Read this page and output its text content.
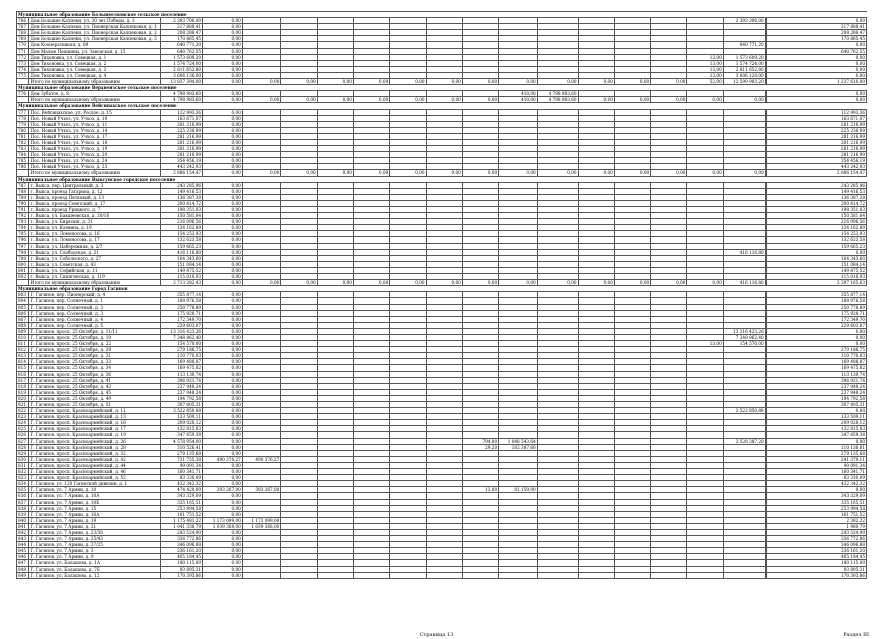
Муниципальное образование Большеелховское сельское поселение																		
766	Дом Большие Калпеки, ул. 30 лет Победы, д. 3	2 393 706,00	0,00														2 393 306,00		0,00
767	Дом Большие Калпеки, ул. Пионерская Калпековая, д. 1	217 888,41	0,00																217 888,41
768	Дом Большие Калпеки, ул. Пионерская Калпековая, д. 2	208 286,47	0,00																208 286,47
769	Дом Большие Калпеки, ул. Пионерская Калпековая, д. 3	170 865,45	0,00																170 865,45
770	Дом Кооперативная, д. 89	640 771,20	0,00														640 771,20		0,00
771	Дом Малые Пешкины, ул. Заводская, д. 15	640 762,55	0,00																640 762,55
772	Дом Тихоновка, ул. Совецкая, д. 1	1 573 609,20	0,00													13,00	1 573 609,20		0,00
773	Дом Тихоновка, ул. Совецкая, д. 2	1 574 724,00	0,00													13,00	1 574 724,00		0,00
774	Дом Тихоновка, ул. Совецкая, д. 3	2 811 652,80	0,00													13,00	2 811 652,80		0,00
775	Дом Тихоновка, ул. Совецкая, д. 4	3 606 136,00	0,00													13,00	3 606 128,00		0,00
	Итого по муниципальному образованию	13 837 394,00	0,00	0,00	0,00	0,00	0,00	0,00	0,00	0,00	0,00	0,00	0,00	0,00	0,00	52,00	12 599 983,20		1 237 610,00
Муниципальное образование Верхнеизское сельское поселение																		
776	Дом Зубатое, д. 8	4 798 983,60	0,00								410,00	4 798 983,60							0,00
	Итого по муниципальному образованию	4 798 983,60	0,00	0,00	0,00	0,00	0,00	0,00	0,00	0,00	410,00	4 798 983,60	0,00	0,00	0,00	0,00	0,00		0,00
Муниципальное образование Вейсинахское сельское поселение																		
777	Пос. Вейсинахское, ул. Рослое, д. 15	112 993,36	0,00																112 993,36
778	Пос. Новый Учхоз, ул. Учхоз, д. 10	163 671,07	0,00																163 671,07
779	Пос. Новый Учхоз, ул. Учхоз, д. 11	281 216,99	0,00																281 216,99
780	Пос. Новый Учхоз, ул. Учхоз, д. 14	225 238,99	0,00																225 238,99
781	Пос. Новый Учхоз, ул. Учхоз, д. 17	281 216,99	0,00																281 216,99
782	Пос. Новый Учхоз, ул. Учхоз, д. 18	281 216,99	0,00																281 216,99
783	Пос. Новый Учхоз, ул. Учхоз, д. 19	281 216,99	0,00																281 216,99
784	Пос. Новый Учхоз, ул. Учхоз, д. 20	281 216,99	0,00																281 216,99
785	Пос. Новый Учхоз, ул. Учхоз, д. 24	354 456,19	0,00																354 456,19
786	Пос. Новый Учхоз, ул. Учхоз, д. 25	443 242,93	0,00																443 242,93
	Итого по муниципальному образованию	2 686 154,47	0,00	0,00	0,00	0,00	0,00	0,00	0,00	0,00	0,00	0,00	0,00	0,00	0,00	0,00	0,00		2 686 154,47
Муниципальное образование Выксунское городское поселение																		
787	г. Выкса, пер. Центральный, д. 3	243 285,96	0,00																243 285,96
788	г. Выкса, проезд Гагарина, д. 12	149 416,53	0,00																149 416,53
789	г. Выкса, проезд Пятковый, д. 13	136 387,38	0,00																136 387,38
790	г. Выкса, проезд Советский, д. 17	200 814,72	0,00																200 814,72
791	г. Выкса, проезд Урицкого, д. 7	198 351,03	0,00																198 351,03
792	г. Выкса, ул. Бакшеевская, д. 30/16	150 581,64	0,00																150 581,64
793	г. Выкса, ул. Бирюзия, д. 31	216 096,56	0,00																216 096,56
794	г. Выкса, ул. Клевина, д. 19	134 162,89	0,00																134 162,89
795	г. Выкса, ул. Ломоносова, д. 16	154 253,93	0,00																154 253,93
796	г. Выкса, ул. Ломоносова, д. 17	132 623,58	0,00																132 623,58
797	г. Выкса, ул. Набережная, д. 2/7	159 665,23	0,00																159 665,23
798	г. Выкса, ул. Слободская, д. 21	416 116,80	0,00														416 116,80		0,00
799	г. Выкса, ул. Соболеского, д. 27	164 343,60	0,00																164 343,60
800	г. Выкса, ул. Советская, д. 43	151 084,14	0,00																151 084,14
801	г. Выкса, ул. Софийская, д. 11	149 875,52	0,00																149 875,52
802	г. Выкса, ул. Сипягинская, д. 119	115 016,93	0,00																115 016,93
	Итого по муниципальному образованию	2 713 282,43	0,00	0,00	0,00	0,00	0,00	0,00	0,00	0,00	0,00	0,00	0,00	0,00	0,00	0,00	416 116,80		2 297 165,63
Муниципальное образование Город Гагинов																		
803	Г. Гагинов, пер. Пионерский, д. 4	355 877,14	0,00																355 877,14
804	Г. Гагинов, пер. Солнечный, д. 1	188 976,58	0,00																188 976,58
805	Г. Гагинов, пер. Солнечный, д. 3	250 778,89	0,00																250 778,89
806	Г. Гагинов, пер. Солнечный, д. 3	175 928,71	0,00																175 928,71
807	Г. Гагинов, пер. Солнечный, д. 4	172 349,70	0,00																172 349,70
808	Г. Гагинов, пер. Солнечный, д. 5	229 603,07	0,00																229 603,07
809	Г. Гагинов, просп. 25 Октября, д. 11/11	13 316 423,26	0,00														13 316 423,26		0,00
810	Г. Гагинов, просп. 25 Октября, д. 19	7 348 862,40	0,00														7 348 862,40		0,00
811	Г. Гагинов, просп. 25 Октября, д. 22	154 570,00	0,00													13,00	154 570,00		0,00
812	Г. Гагинов, просп. 25 Октября, д. 28	279 186,75	0,00																279 186,75
813	Г. Гагинов, просп. 25 Октября, д. 31	110 770,03	0,00																110 770,03
814	Г. Гагинов, просп. 25 Октября, д. 33	169 488,87	0,00																169 488,87
815	Г. Гагинов, просп. 25 Октября, д. 34	169 475,82	0,00																169 475,82
816	Г. Гагинов, просп. 25 Октября, д. 36	113 130,74	0,00																113 130,74
817	Г. Гагинов, просп. 25 Октября, д. 41	396 921,74	0,00																396 921,74
818	Г. Гагинов, просп. 25 Октября, д. 43	237 948,24	0,00																237 948,24
819	Г. Гагинов, просп. 25 Октября, д. 45	237 948,24	0,00																237 948,24
820	Г. Гагинов, просп. 25 Октября, д. 49	194 792,58	0,00																194 792,58
821	Г. Гагинов, просп. 25 Октября, д. 51	307 805,31	0,00																307 805,31
822	Г. Гагинов, просп. Красноармейский, д. 11	3 522 850,88	0,00														3 522 850,88		0,00
823	Г. Гагинов, просп. Красноармейский, д. 13	133 509,11	0,00																133 509,11
824	Г. Гагинов, просп. Красноармейский, д. 16	209 028,12	0,00																209 028,12
825	Г. Гагинов, просп. Красноармейский, д. 17	132 815,83	0,00																132 815,83
826	Г. Гагинов, просп. Красноармейский, д. 19	347 659,38	0,00																347 659,38
827	Г. Гагинов, просп. Красноармейский, д. 26	4 578 954,00	0,00							794,00	1 048 543,64						3 528 387,20		0,00
828	Г. Гагинов, просп. Красноармейский, д. 28	310 526,41	0,00							29,20	182 387,60								110 138,81
829	Г. Гагинов, просп. Красноармейский, д. 32	279 135,68	0,00																279 135,68
830	Г. Гагинов, просп. Красноармейский, д. 42	731 755,38	490 376,27	490 376,27															241 379,11
831	Г. Гагинов, просп. Красноармейский, д. 44	90 091,34	0,00																90 091,34
832	Г. Гагинов, просп. Красноармейский, д. 46	160 341,71	0,00																160 341,71
833	Г. Гагинов, просп. Красноармейский, д. 52	83 330,09	0,00																83 330,09
834	Г. Гагинов, ул. 120 Гагинской дивизии, д. 1	432 342,32	0,00																432 342,32
835	Г. Гагинов, ул. 7 Армии, д. 10	474 420,00	393 267,00	393 267,00						13,00	81 159,00								0,00
836	Г. Гагинов, ул. 7 Армии, д. 10А	343 329,09	0,00																343 329,09
837	Г. Гагинов, ул. 7 Армии, д. 10Б	335 165,51	0,00																335 165,51
838	Г. Гагинов, ул. 7 Армии, д. 15	253 994,58	0,00																253 994,58
839	Г. Гагинов, ул. 7 Армии, д. 16А	161 751,52	0,00																161 751,52
840	Г. Гагинов, ул. 7 Армии, д. 19	1 175 481,22	1 173 099,00	1 173 099,00															2 382,22
841	Г. Гагинов, ул. 7 Армии, д. 21	1 041 338,79	1 039 368,00	1 039 368,00															1 980,79
842	Г. Гагинов, ул. 7 Армии, д. 23/38	243 524,90	0,00																243 524,90
843	Г. Гагинов, ул. 7 Армии, д. 25/43	336 772,86	0,00																336 772,86
844	Г. Гагинов, ул. 7 Армии, д. 27/25	346 096,88	0,00																346 096,88
845	Г. Гагинов, ул. 7 Армии, д. 3	236 161,20	0,00																236 161,20
846	Г. Гагинов, ул. 7 Армии, д. 9	405 184,45	0,00																405 184,45
847	Г. Гагинов, ул. Балашова, д. 1А	180 115,00	0,00																180 115,00
848	Г. Гагинов, ул. Балашова, д. 7Б	93 895,31	0,00																93 895,31
849	Г. Гагинов, ул. Балашова, д. 12	170 393,86	0,00																170 393,86
Страница 13	Раздел III
